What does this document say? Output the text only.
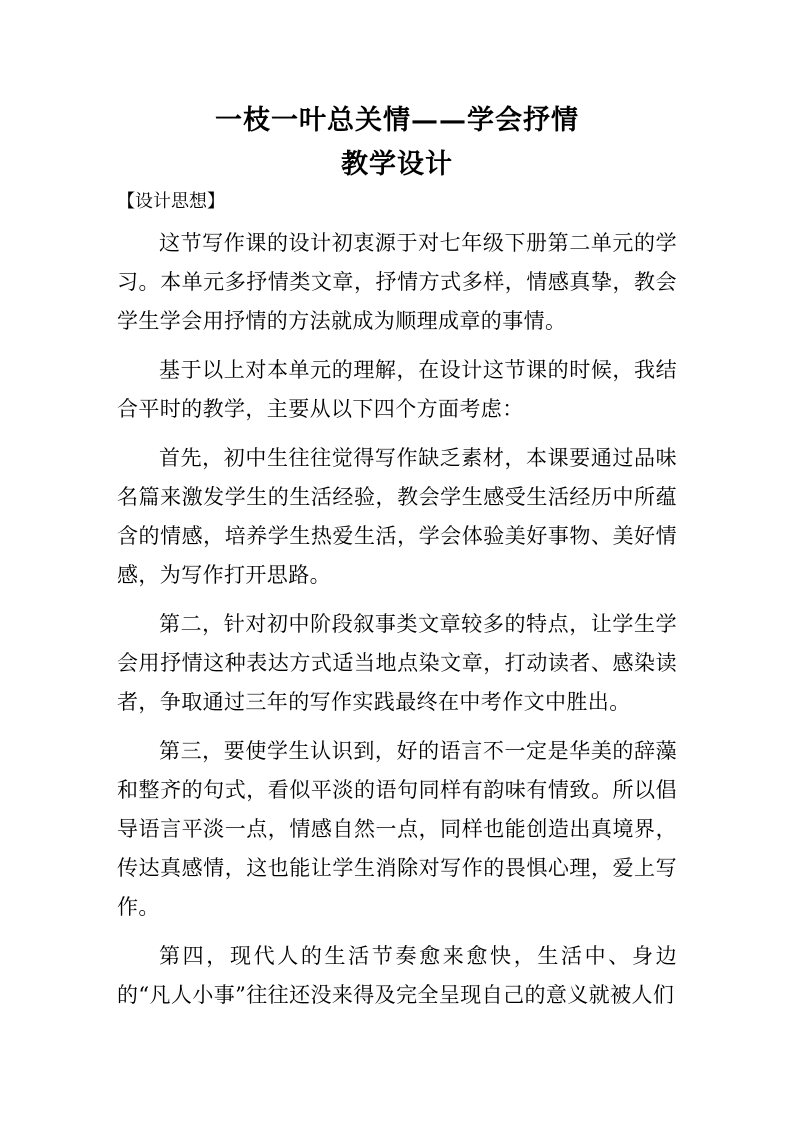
一枝一叶总关情——学会抒情
教学设计

【设计思想】

这节写作课的设计初衷源于对七年级下册第二单元的学习。本单元多抒情类文章，抒情方式多样，情感真挚，教会学生学会用抒情的方法就成为顺理成章的事情。

基于以上对本单元的理解，在设计这节课的时候，我结合平时的教学，主要从以下四个方面考虑：

首先，初中生往往觉得写作缺乏素材，本课要通过品味名篇来激发学生的生活经验，教会学生感受生活经历中所蕴含的情感，培养学生热爱生活，学会体验美好事物、美好情感，为写作打开思路。

第二，针对初中阶段叙事类文章较多的特点，让学生学会用抒情这种表达方式适当地点染文章，打动读者、感染读者，争取通过三年的写作实践最终在中考作文中胜出。

第三，要使学生认识到，好的语言不一定是华美的辞藻和整齐的句式，看似平淡的语句同样有韵味有情致。所以倡导语言平淡一点，情感自然一点，同样也能创造出真境界，传达真感情，这也能让学生消除对写作的畏惧心理，爱上写作。

第四，现代人的生活节奏愈来愈快，生活中、身边的“凡人小事”往往还没来得及完全呈现自己的意义就被人们
